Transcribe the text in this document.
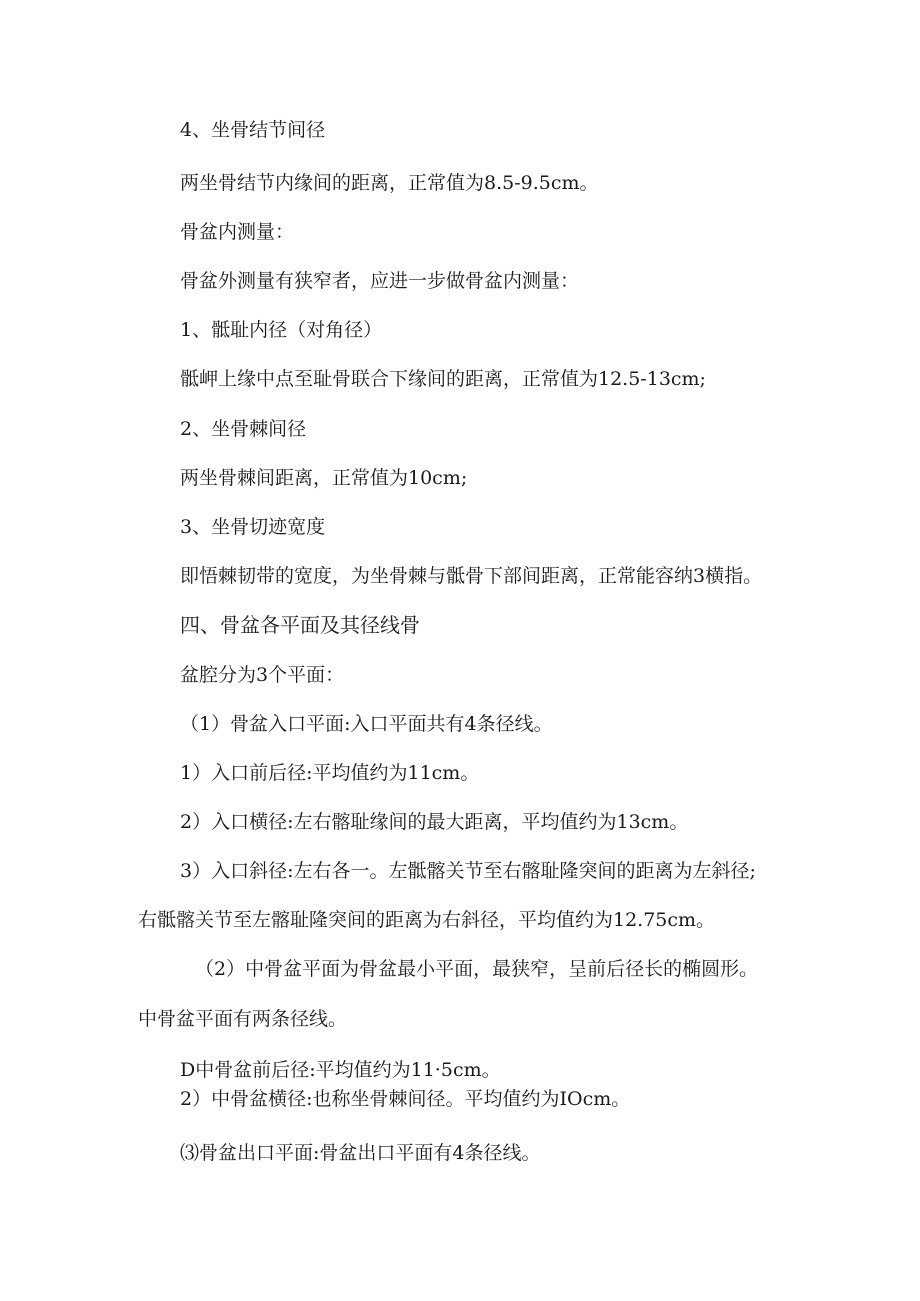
4、坐骨结节间径
两坐骨结节内缘间的距离，正常值为8.5-9.5cm。
骨盆内测量：
骨盆外测量有狭窄者，应进一步做骨盆内测量：
1、骶耻内径（对角径）
骶岬上缘中点至耻骨联合下缘间的距离，正常值为12.5-13cm;
2、坐骨棘间径
两坐骨棘间距离，正常值为10cm;
3、坐骨切迹宽度
即悟棘韧带的宽度，为坐骨棘与骶骨下部间距离，正常能容纳3横指。
四、骨盆各平面及其径线骨
盆腔分为3个平面：
（1）骨盆入口平面:入口平面共有4条径线。
1）入口前后径:平均值约为11cm。
2）入口横径:左右髂耻缘间的最大距离，平均值约为13cm。
3）入口斜径:左右各一。左骶髂关节至右髂耻隆突间的距离为左斜径;
右骶髂关节至左髂耻隆突间的距离为右斜径，平均值约为12.75cm。
（2）中骨盆平面为骨盆最小平面，最狭窄，呈前后径长的椭圆形。
中骨盆平面有两条径线。
D中骨盆前后径:平均值约为11·5cm。
2）中骨盆横径:也称坐骨棘间径。平均值约为IOcm。
⑶骨盆出口平面:骨盆出口平面有4条径线。
